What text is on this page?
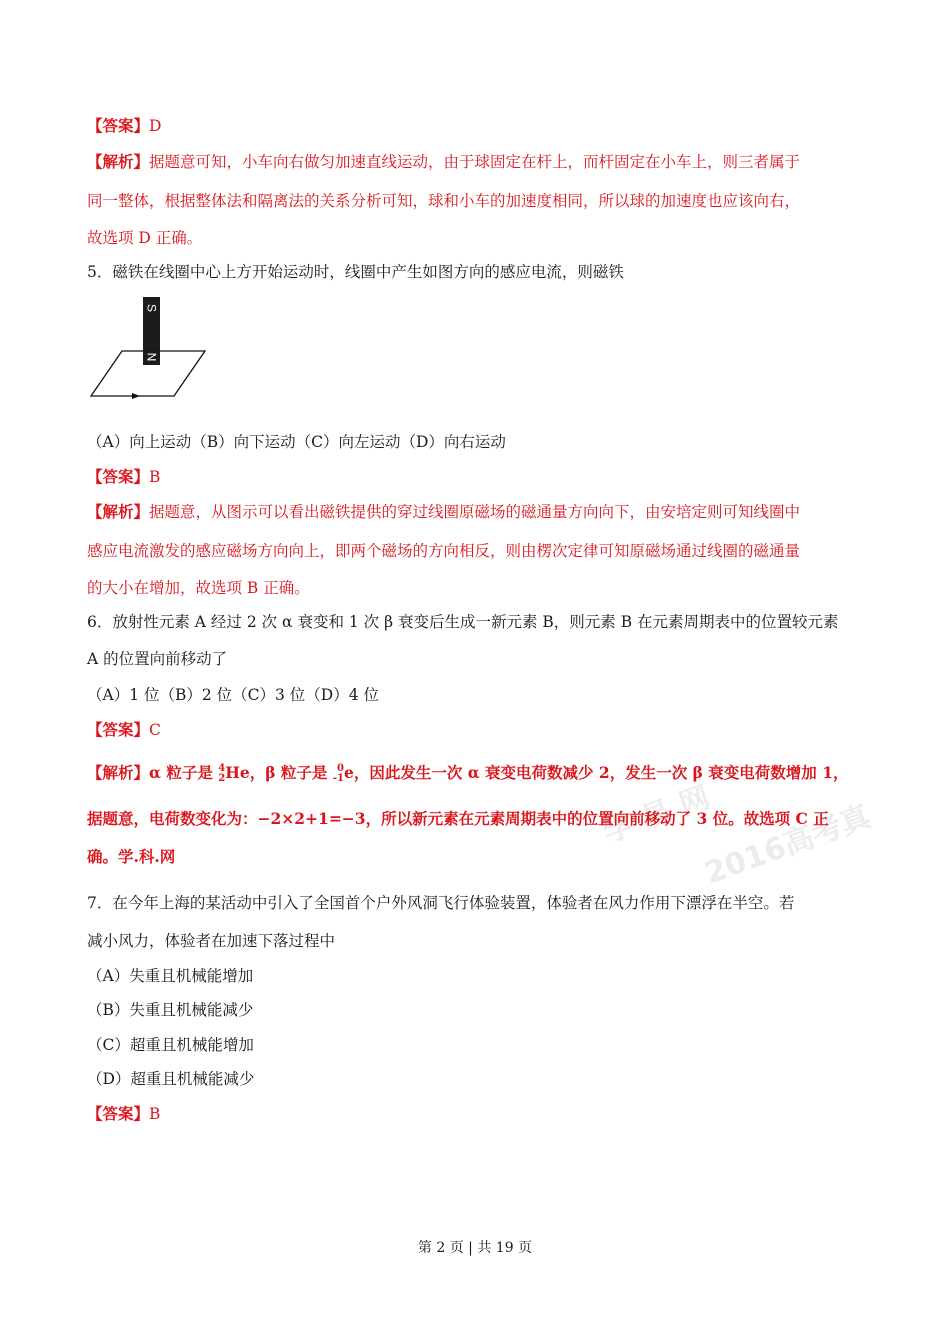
学 易 网
2016高考真
【答案】D
【解析】据题意可知，小车向右做匀加速直线运动，由于球固定在杆上，而杆固定在小车上，则三者属于
同一整体，根据整体法和隔离法的关系分析可知，球和小车的加速度相同，所以球的加速度也应该向右，
故选项 D 正确。
5．磁铁在线圈中心上方开始运动时，线圈中产生如图方向的感应电流，则磁铁
S
N
（A）向上运动（B）向下运动（C）向左运动（D）向右运动
【答案】B
【解析】据题意，从图示可以看出磁铁提供的穿过线圈原磁场的磁通量方向向下，由安培定则可知线圈中
感应电流激发的感应磁场方向向上，即两个磁场的方向相反，则由楞次定律可知原磁场通过线圈的磁通量
的大小在增加，故选项 B 正确。
6．放射性元素 A 经过 2 次 α 衰变和 1 次 β 衰变后生成一新元素 B，则元素 B 在元素周期表中的位置较元素
A 的位置向前移动了
（A）1 位（B）2 位（C）3 位（D）4 位
【答案】C
【解析】α 粒子是 4
2 He，β 粒子是 0
-1 e，因此发生一次 α 衰变电荷数减少 2，发生一次 β 衰变电荷数增加 1，
据题意，电荷数变化为：−2×2+1=−3，所以新元素在元素周期表中的位置向前移动了 3 位。故选项 C 正
确。学.科.网
7．在今年上海的某活动中引入了全国首个户外风洞飞行体验装置，体验者在风力作用下漂浮在半空。若
减小风力，体验者在加速下落过程中
（A）失重且机械能增加
（B）失重且机械能减少
（C）超重且机械能增加
（D）超重且机械能减少
【答案】B
第 2 页 | 共 19 页
